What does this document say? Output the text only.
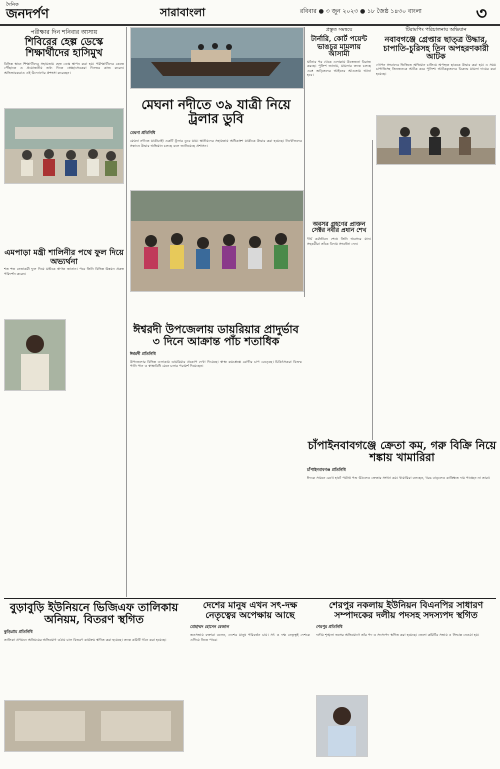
দৈনিক
জনদর্পণ	সারাবাংলা	রবিবার ● ৩ জুন ২০২৩ ● ১৮ জৈষ্ঠ ১৪৩০ বাংলা	৩
পরীক্ষার দিন শনিবার আসায়
শিবিরের হেল্প ডেস্কে শিক্ষার্থীদের হাসিমুখ
বিভিন্ন স্থানে শিক্ষার্থীদের সহায়তায় হেল্প ডেস্ক স্থাপন করা হয়। পরীক্ষার্থীদের কেন্দ্রে পৌঁছাতে ও প্রয়োজনীয় তথ্য দিতে স্বেচ্ছাসেবকরা দিনভর কাজ করেন। অভিভাবকরাও এই উদ্যোগের প্রশংসা করেছেন।
মেঘনা নদীতে ৩৯ যাত্রী নিয়ে ট্রলার ডুবি
মেঘনা প্রতিনিধি
মেঘনা নদীতে যাত্রীবাহী একটি ট্রলার ডুবে যায়। স্থানীয়দের সহায়তায় অধিকাংশ যাত্রীকে উদ্ধার করা হয়েছে। নিখোঁজদের সন্ধানে উদ্ধার অভিযান চলছে বলে জানিয়েছে প্রশাসন।
প্রস্তুত সমন্বয়ে
টার্নারি, কোর্ট পয়েন্ট ভাঙচুর মামলায় আসামী
ঘটনার পর থেকে এলাকায় উত্তেজনা বিরাজ করছে। পুলিশ জানায়, মামলার তদন্ত চলছে এবং জড়িতদের আইনের আওতায় আনা হবে।
টিরামপিং পরিচালনায় অভিযান
নবাবগঞ্জে গ্রেপ্তার ছাত্ত্র উদ্ধার, চাপাতি-চুরিসহ তিন অপহরণকারী আটক
গোপন সংবাদের ভিত্তিতে অভিযান চালিয়ে অপহৃত ছাত্রকে উদ্ধার করা হয়। এ সময় চাপাতিসহ তিনজনকে আটক করে পুলিশ। আটককৃতদের বিরুদ্ধে মামলা দায়ের করা হয়েছে।
এমপাড়া মন্ত্রী শালিনীর পথে ফুল দিয়ে অভ্যর্থনা
শত শত নেতাকর্মী ফুল দিয়ে মন্ত্রীকে স্বাগত জানান। পরে তিনি বিভিন্ন উন্নয়ন প্রকল্প পরিদর্শন করেন।
অবসর গ্রহণের প্রাক্তন সেক্টর নবীর প্রধান শেখ
দীর্ঘ কর্মজীবন শেষে তিনি অবসরে যান। সহকর্মীরা তাঁকে বিদায় সংবর্ধনা দেন।
ঈশ্বরদী উপজেলায় ডায়রিয়ার প্রাদুর্ভাব ৩ দিনে আক্রান্ত পাঁচ শতাধিক
ঈশ্বরদী প্রতিনিধি
উপজেলার বিভিন্ন এলাকায় ডায়রিয়ার প্রকোপ দেখা দিয়েছে। স্বাস্থ্য কমপ্লেক্সে রোগীর চাপ বেড়েছে। চিকিৎসকরা বিশুদ্ধ পানি পান ও স্বাস্থ্যবিধি মেনে চলার পরামর্শ দিয়েছেন।
চাঁপাইনবাবগঞ্জে ক্রেতা কম, গরু বিক্রি নিয়ে শঙ্কায় খামারিরা
চাঁপাইনবাবগঞ্জ প্রতিনিধি
ঈদকে সামনে রেখে হাটে পর্যাপ্ত পশু উঠলেও ক্রেতার সংখ্যা কম। খামারিরা বলছেন, খরচ বাড়লেও কাঙ্ক্ষিত দাম পাচ্ছেন না তারা।
বুড়াবুড়ি ইউনিয়নে ভিজিএফ তালিকায় অনিয়ম, বিতরণ স্থগিত
কুড়িগ্রাম প্রতিনিধি
তালিকা প্রণয়নে অনিয়মের অভিযোগ ওঠায় চাল বিতরণ কার্যক্রম স্থগিত করা হয়েছে। তদন্ত কমিটি গঠন করা হয়েছে।
দেশের মানুষ এখন সৎ-দক্ষ নেতৃত্বের অপেক্ষায় আছে
মোহাম্মদ হোসেন রেজাল
জনসভায় বক্তারা বলেন, দেশের মানুষ পরিবর্তন চায়। সৎ ও দক্ষ নেতৃত্বই দেশকে এগিয়ে নিতে পারে।
শেরপুর নকলায় ইউনিয়ন বিএনপির সাধারণ সম্পাদকের দলীয় পদসহ সদস্যপদ স্থগিত
শেরপুর প্রতিনিধি
দলীয় শৃঙ্খলা ভঙ্গের অভিযোগে তাঁর পদ ও সদস্যপদ স্থগিত করা হয়েছে। জেলা কমিটির সভায় এ সিদ্ধান্ত নেওয়া হয়।
